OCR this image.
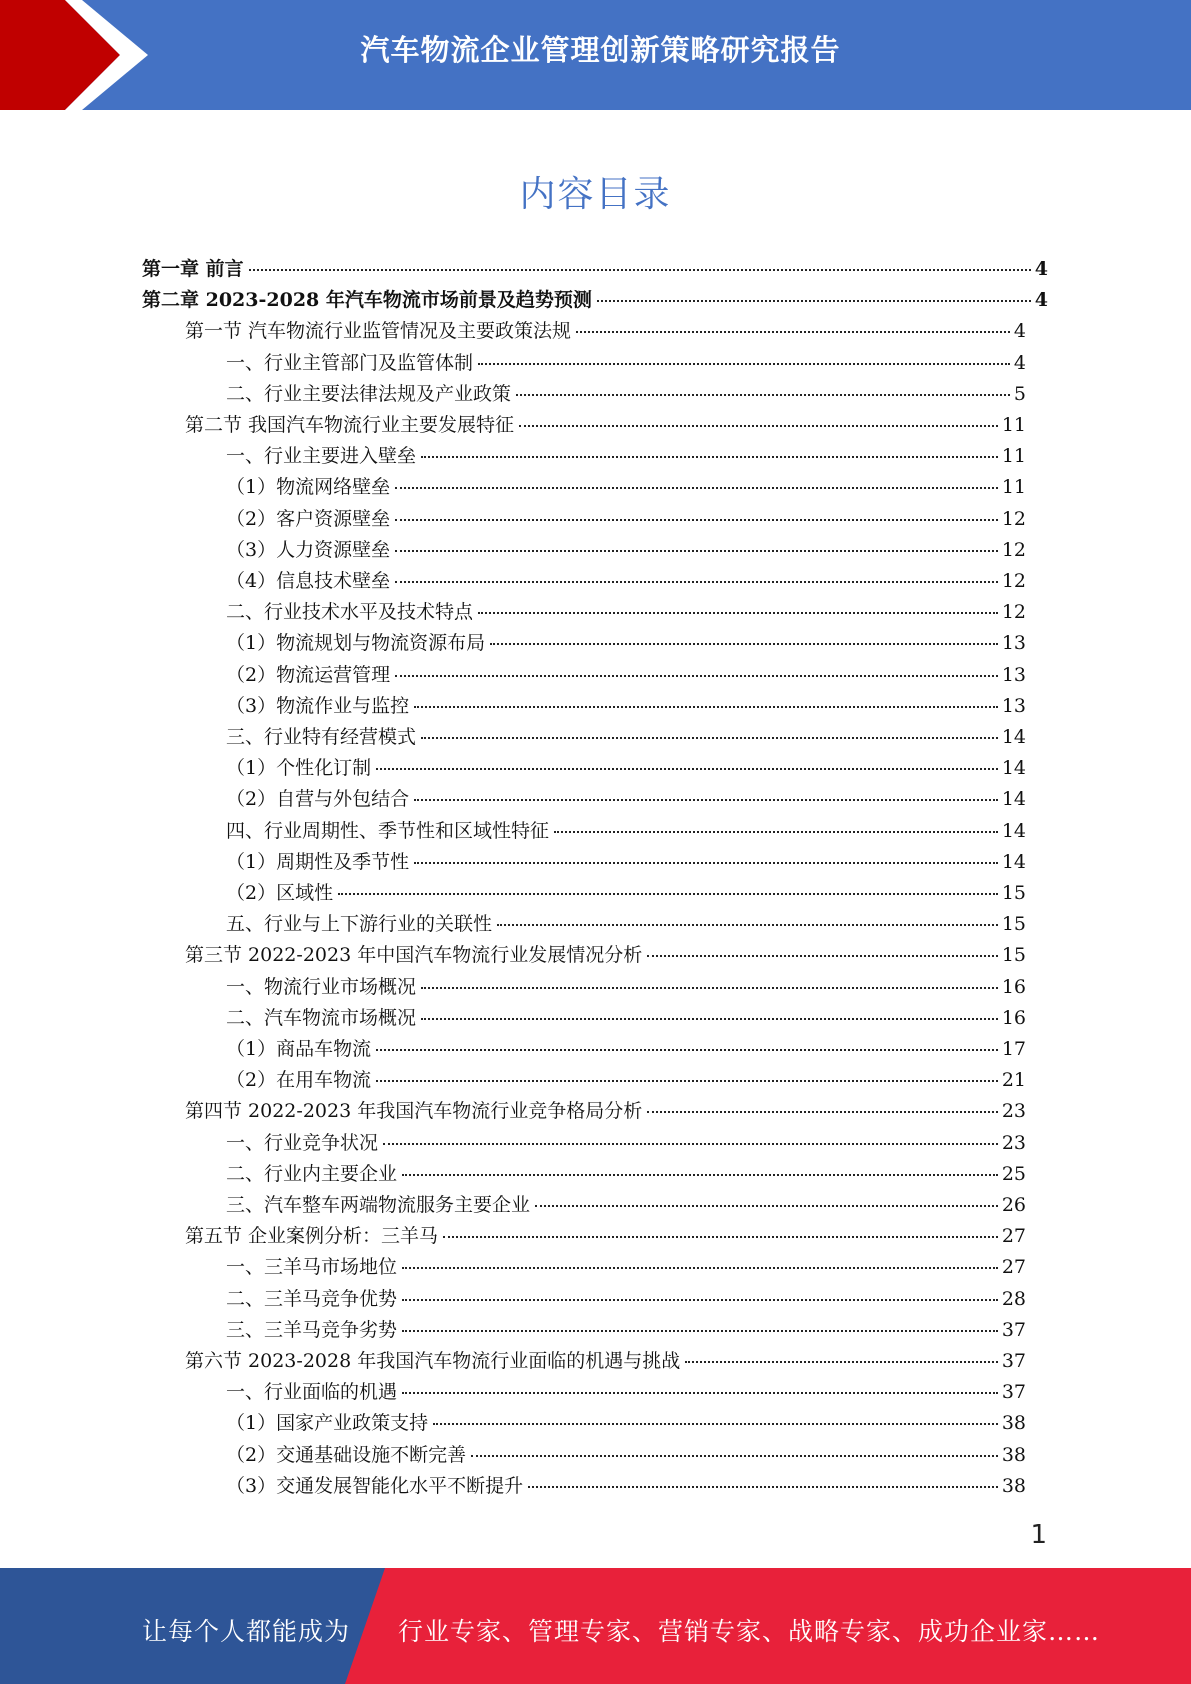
汽车物流企业管理创新策略研究报告
内容目录
第一章 前言	4
第二章 2023-2028 年汽车物流市场前景及趋势预测	4
第一节 汽车物流行业监管情况及主要政策法规	4
一、行业主管部门及监管体制	4
二、行业主要法律法规及产业政策	5
第二节 我国汽车物流行业主要发展特征	11
一、行业主要进入壁垒	11
（1）物流网络壁垒	11
（2）客户资源壁垒	12
（3）人力资源壁垒	12
（4）信息技术壁垒	12
二、行业技术水平及技术特点	12
（1）物流规划与物流资源布局	13
（2）物流运营管理	13
（3）物流作业与监控	13
三、行业特有经营模式	14
（1）个性化订制	14
（2）自营与外包结合	14
四、行业周期性、季节性和区域性特征	14
（1）周期性及季节性	14
（2）区域性	15
五、行业与上下游行业的关联性	15
第三节 2022-2023 年中国汽车物流行业发展情况分析	15
一、物流行业市场概况	16
二、汽车物流市场概况	16
（1）商品车物流	17
（2）在用车物流	21
第四节 2022-2023 年我国汽车物流行业竞争格局分析	23
一、行业竞争状况	23
二、行业内主要企业	25
三、汽车整车两端物流服务主要企业	26
第五节 企业案例分析：三羊马	27
一、三羊马市场地位	27
二、三羊马竞争优势	28
三、三羊马竞争劣势	37
第六节 2023-2028 年我国汽车物流行业面临的机遇与挑战	37
一、行业面临的机遇	37
（1）国家产业政策支持	38
（2）交通基础设施不断完善	38
（3）交通发展智能化水平不断提升	38
1
让每个人都能成为 行业专家、管理专家、营销专家、战略专家、成功企业家……
